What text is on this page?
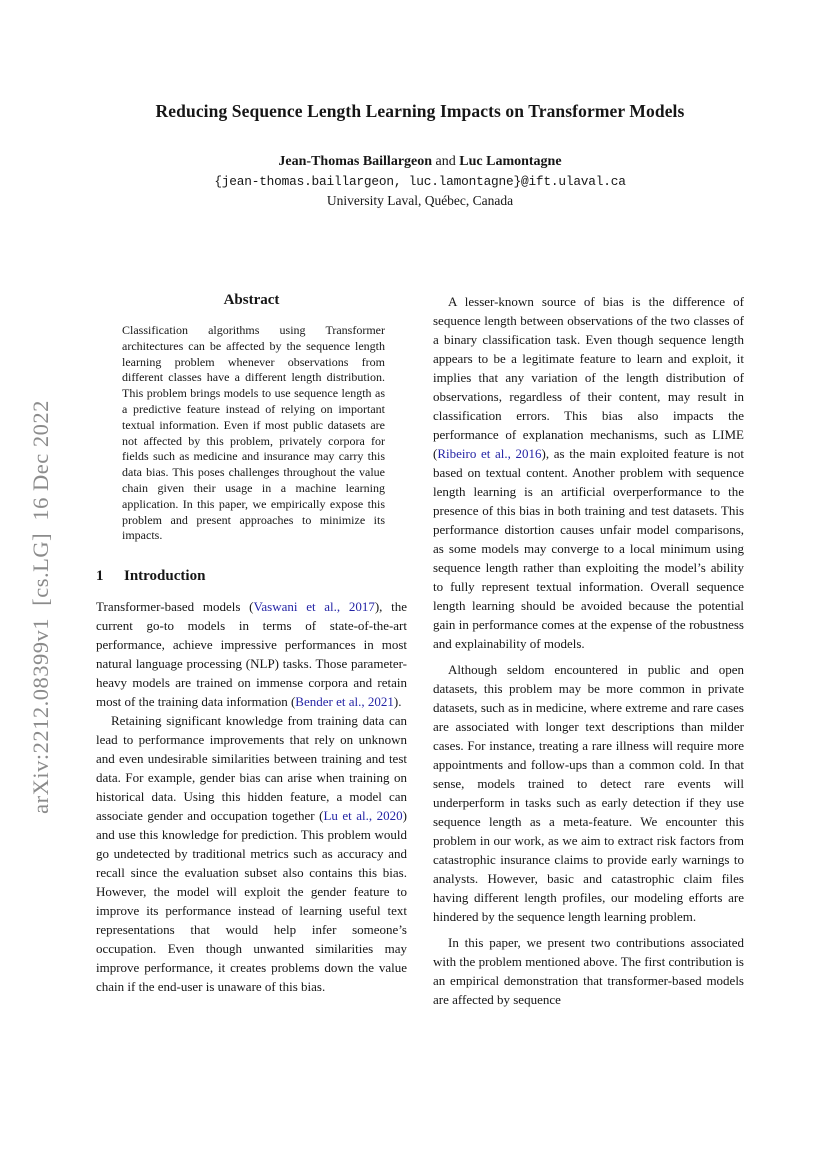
arXiv:2212.08399v1  [cs.LG]  16 Dec 2022
Reducing Sequence Length Learning Impacts on Transformer Models
Jean-Thomas Baillargeon and Luc Lamontagne
{jean-thomas.baillargeon, luc.lamontagne}@ift.ulaval.ca
University Laval, Québec, Canada
Abstract

Classification algorithms using Transformer architectures can be affected by the sequence length learning problem whenever observations from different classes have a different length distribution. This problem brings models to use sequence length as a predictive feature instead of relying on important textual information. Even if most public datasets are not affected by this problem, privately corpora for fields such as medicine and insurance may carry this data bias. This poses challenges throughout the value chain given their usage in a machine learning application. In this paper, we empirically expose this problem and present approaches to minimize its impacts.

1	Introduction

Transformer-based models (Vaswani et al., 2017), the current go-to models in terms of state-of-the-art performance, achieve impressive performances in most natural language processing (NLP) tasks. Those parameter-heavy models are trained on immense corpora and retain most of the training data information (Bender et al., 2021).

Retaining significant knowledge from training data can lead to performance improvements that rely on unknown and even undesirable similarities between training and test data. For example, gender bias can arise when training on historical data. Using this hidden feature, a model can associate gender and occupation together (Lu et al., 2020) and use this knowledge for prediction. This problem would go undetected by traditional metrics such as accuracy and recall since the evaluation subset also contains this bias. However, the model will exploit the gender feature to improve its performance instead of learning useful text representations that would help infer someone’s occupation. Even though unwanted similarities may improve performance, it creates problems down the value chain if the end-user is unaware of this bias.

A lesser-known source of bias is the difference of sequence length between observations of the two classes of a binary classification task. Even though sequence length appears to be a legitimate feature to learn and exploit, it implies that any variation of the length distribution of observations, regardless of their content, may result in classification errors. This bias also impacts the performance of explanation mechanisms, such as LIME (Ribeiro et al., 2016), as the main exploited feature is not based on textual content. Another problem with sequence length learning is an artificial overperformance to the presence of this bias in both training and test datasets. This performance distortion causes unfair model comparisons, as some models may converge to a local minimum using sequence length rather than exploiting the model’s ability to fully represent textual information. Overall sequence length learning should be avoided because the potential gain in performance comes at the expense of the robustness and explainability of models.

Although seldom encountered in public and open datasets, this problem may be more common in private datasets, such as in medicine, where extreme and rare cases are associated with longer text descriptions than milder cases. For instance, treating a rare illness will require more appointments and follow-ups than a common cold. In that sense, models trained to detect rare events will underperform in tasks such as early detection if they use sequence length as a meta-feature. We encounter this problem in our work, as we aim to extract risk factors from catastrophic insurance claims to provide early warnings to analysts. However, basic and catastrophic claim files having different length profiles, our modeling efforts are hindered by the sequence length learning problem.

In this paper, we present two contributions associated with the problem mentioned above. The first contribution is an empirical demonstration that transformer-based models are affected by sequence
